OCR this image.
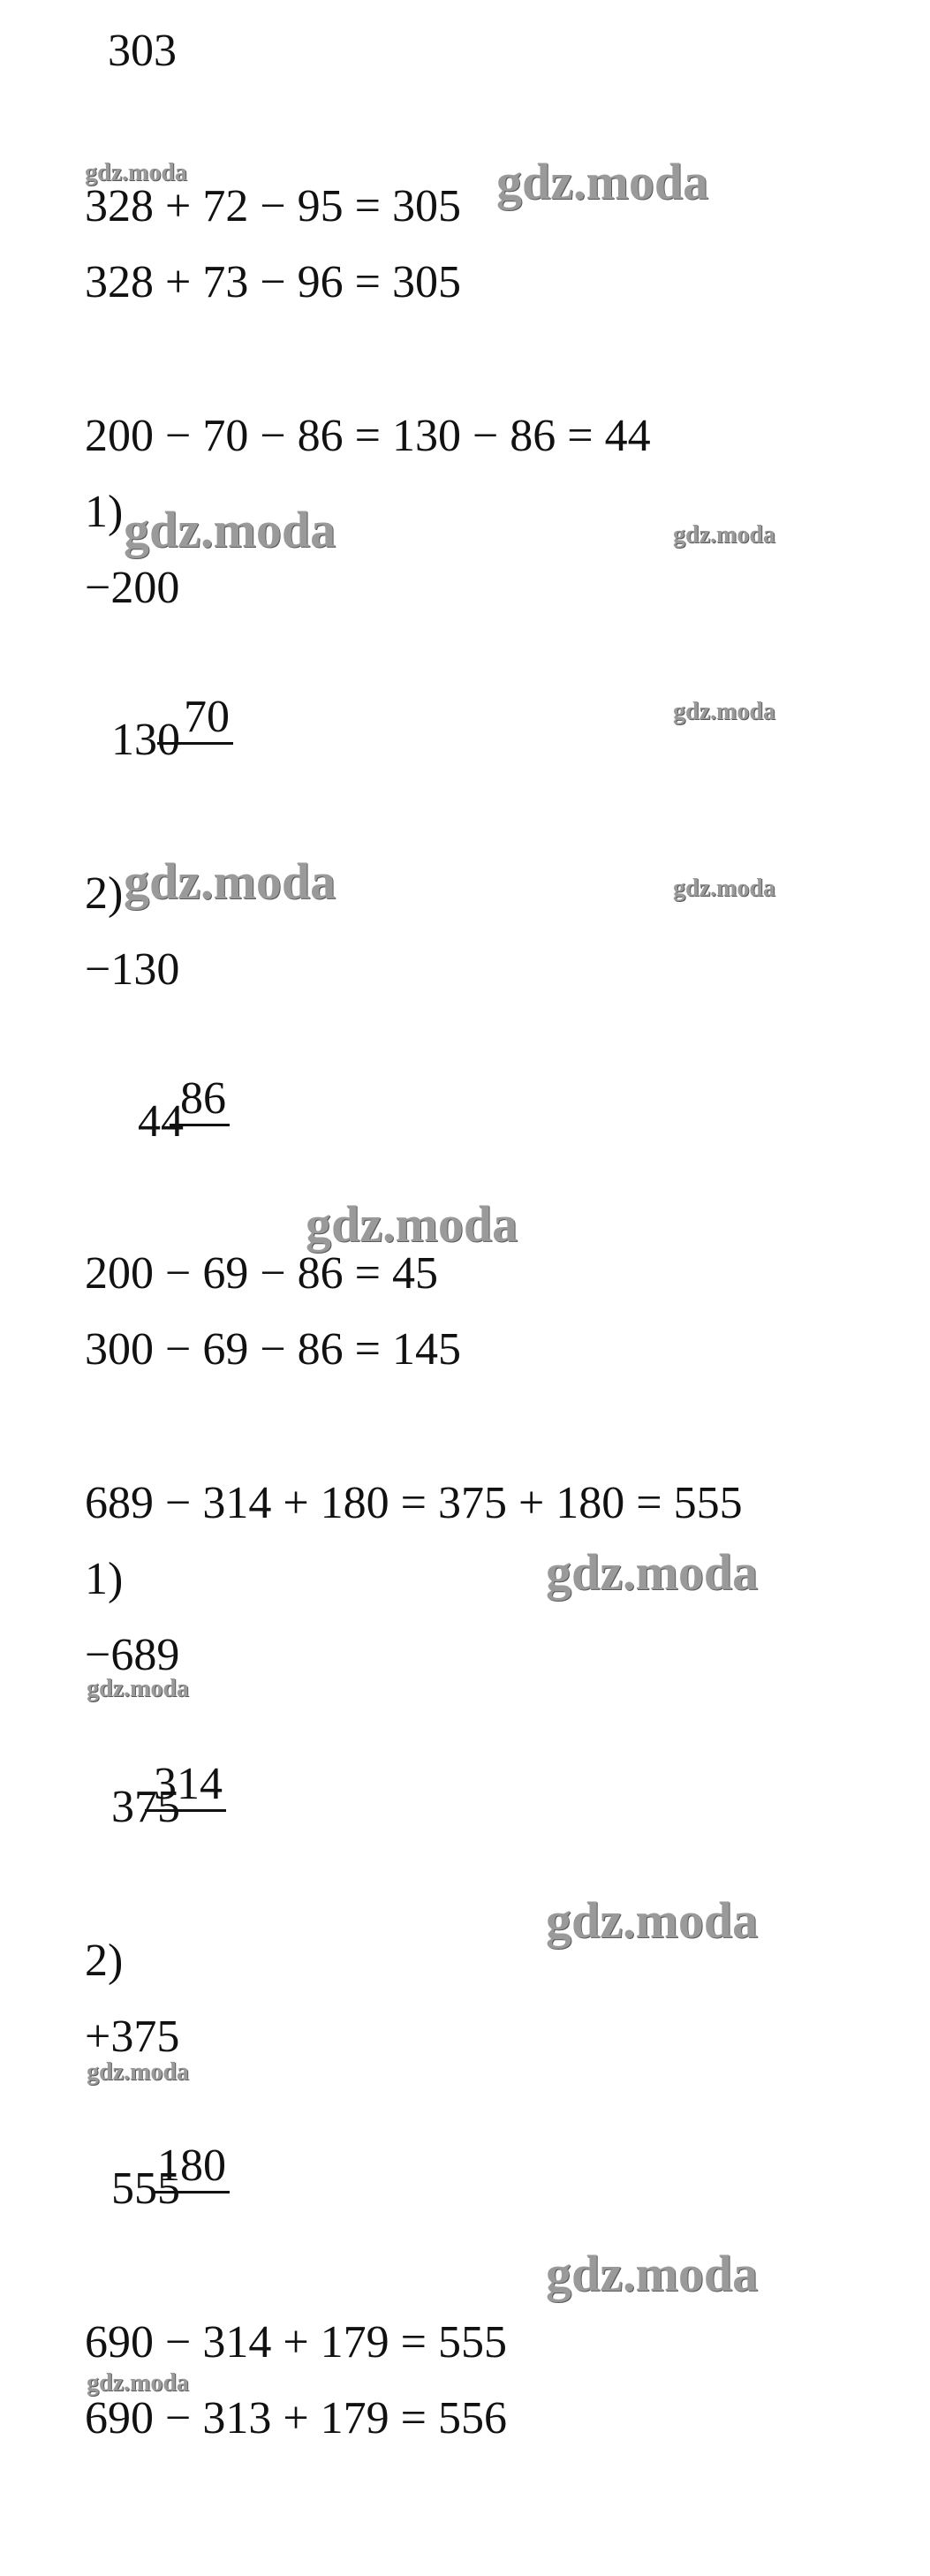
303
328 + 72 − 95 = 305
328 + 73 − 96 = 305
200 − 70 − 86 = 130 − 86 = 44
1)
−200

70

130
2)
−130

86

44
200 − 69 − 86 = 45
300 − 69 − 86 = 145
689 − 314 + 180 = 375 + 180 = 555
1)
−689

314

375
2)
+375

180

555
690 − 314 + 179 = 555
690 − 313 + 179 = 556
gdz.moda	gdz.moda
gdz.moda	gdz.moda
gdz.moda
gdz.moda	gdz.moda
gdz.moda
gdz.moda
gdz.moda
gdz.moda
gdz.moda
gdz.moda
gdz.moda
